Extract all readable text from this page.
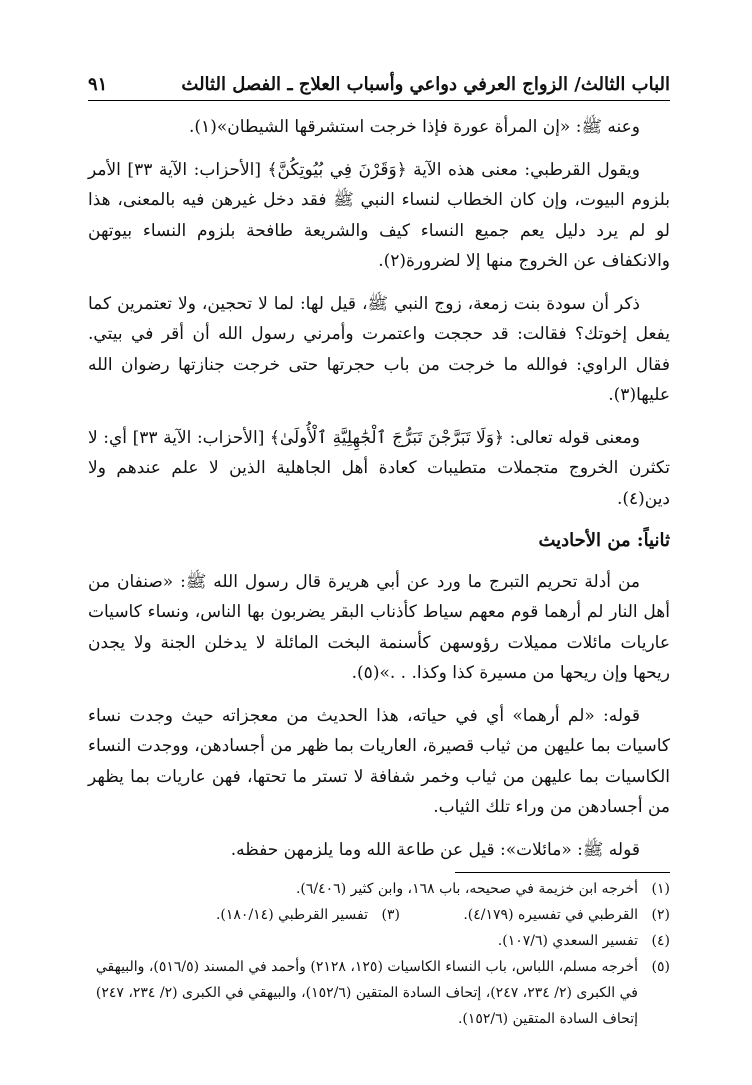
٩١	الباب الثالث/ الزواج العرفي دواعي وأسباب العلاج ـ الفصل الثالث

وعنه ﷺ: «إن المرأة عورة فإذا خرجت استشرقها الشيطان»(١).

ويقول القرطبي: معنى هذه الآية ﴿وَقَرْنَ فِي بُيُوتِكُنَّ﴾ [الأحزاب: الآية ٣٣] الأمر بلزوم البيوت، وإن كان الخطاب لنساء النبي ﷺ فقد دخل غيرهن فيه بالمعنى، هذا لو لم يرد دليل يعم جميع النساء كيف والشريعة طافحة بلزوم النساء بيوتهن والانكفاف عن الخروج منها إلا لضرورة(٢).

ذكر أن سودة بنت زمعة، زوج النبي ﷺ، قيل لها: لما لا تحجين، ولا تعتمرين كما يفعل إخوتك؟ فقالت: قد حججت واعتمرت وأمرني رسول الله أن أقر في بيتي. فقال الراوي: فوالله ما خرجت من باب حجرتها حتى خرجت جنازتها رضوان الله عليها(٣).

ومعنى قوله تعالى: ﴿وَلَا تَبَرَّجْنَ تَبَرُّجَ ٱلْجَٰهِلِيَّةِ ٱلْأُولَىٰ﴾ [الأحزاب: الآية ٣٣] أي: لا تكثرن الخروج متجملات متطيبات كعادة أهل الجاهلية الذين لا علم عندهم ولا دين(٤).

ثانياً: من الأحاديث

من أدلة تحريم التبرج ما ورد عن أبي هريرة قال رسول الله ﷺ: «صنفان من أهل النار لم أرهما قوم معهم سياط كأذناب البقر يضربون بها الناس، ونساء كاسيات عاريات مائلات مميلات رؤوسهن كأسنمة البخت المائلة لا يدخلن الجنة ولا يجدن ريحها وإن ريحها من مسيرة كذا وكذا. . .»(٥).

قوله: «لم أرهما» أي في حياته، هذا الحديث من معجزاته حيث وجدت نساء كاسيات بما عليهن من ثياب قصيرة، العاريات بما ظهر من أجسادهن، ووجدت النساء الكاسيات بما عليهن من ثياب وخمر شفافة لا تستر ما تحتها، فهن عاريات بما يظهر من أجسادهن من وراء تلك الثياب.

قوله ﷺ: «مائلات»: قيل عن طاعة الله وما يلزمهن حفظه.

(١)
أخرجه ابن خزيمة في صحيحه، باب ١٦٨، وابن كثير (٦/٤٠٦).
(٢)
القرطبي في تفسيره (٤/١٧٩).
(٣)
تفسير القرطبي (١٨٠/١٤).
(٤)
تفسير السعدي (١٠٧/٦).
(٥)
أخرجه مسلم، اللباس، باب النساء الكاسيات (١٢٥، ٢١٢٨) وأحمد في المسند (٥١٦/٥)، والبيهقي في الكبرى (٢/ ٢٣٤، ٢٤٧)، إتحاف السادة المتقين (١٥٢/٦)، والبيهقي في الكبرى (٢/ ٢٣٤، ٢٤٧) إتحاف السادة المتقين (١٥٢/٦).
